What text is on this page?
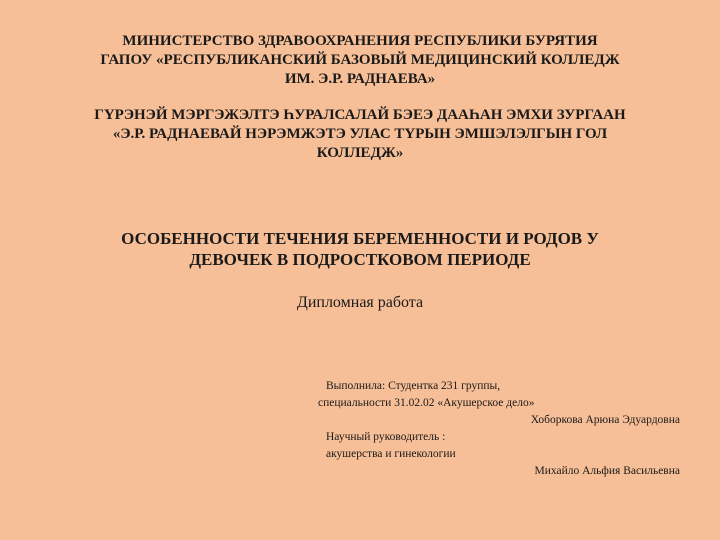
МИНИСТЕРСТВО ЗДРАВООХРАНЕНИЯ РЕСПУБЛИКИ БУРЯТИЯ
ГАПОУ «РЕСПУБЛИКАНСКИЙ БАЗОВЫЙ МЕДИЦИНСКИЙ КОЛЛЕДЖ
ИМ. Э.Р. РАДНАЕВА»
ГҮРЭНЭЙ МЭРГЭЖЭЛТЭ ҺУРАЛСАЛАЙ БЭЕЭ ДААҺАН ЭМХИ ЗУРГААН
«Э.Р. РАДНАЕВАЙ НЭРЭМЖЭТЭ УЛАС ТҮРЫН ЭМШЭЛЭЛГЫН ГОЛ
КОЛЛЕДЖ»
ОСОБЕННОСТИ ТЕЧЕНИЯ БЕРЕМЕННОСТИ И РОДОВ У
ДЕВОЧЕК В ПОДРОСТКОВОМ ПЕРИОДЕ
Дипломная работа
Выполнила: Студентка 231 группы,
специальности 31.02.02 «Акушерское дело»
Хоборкова Арюна Эдуардовна
Научный руководитель :
акушерства и гинекологии
Михайло Альфия Васильевна
